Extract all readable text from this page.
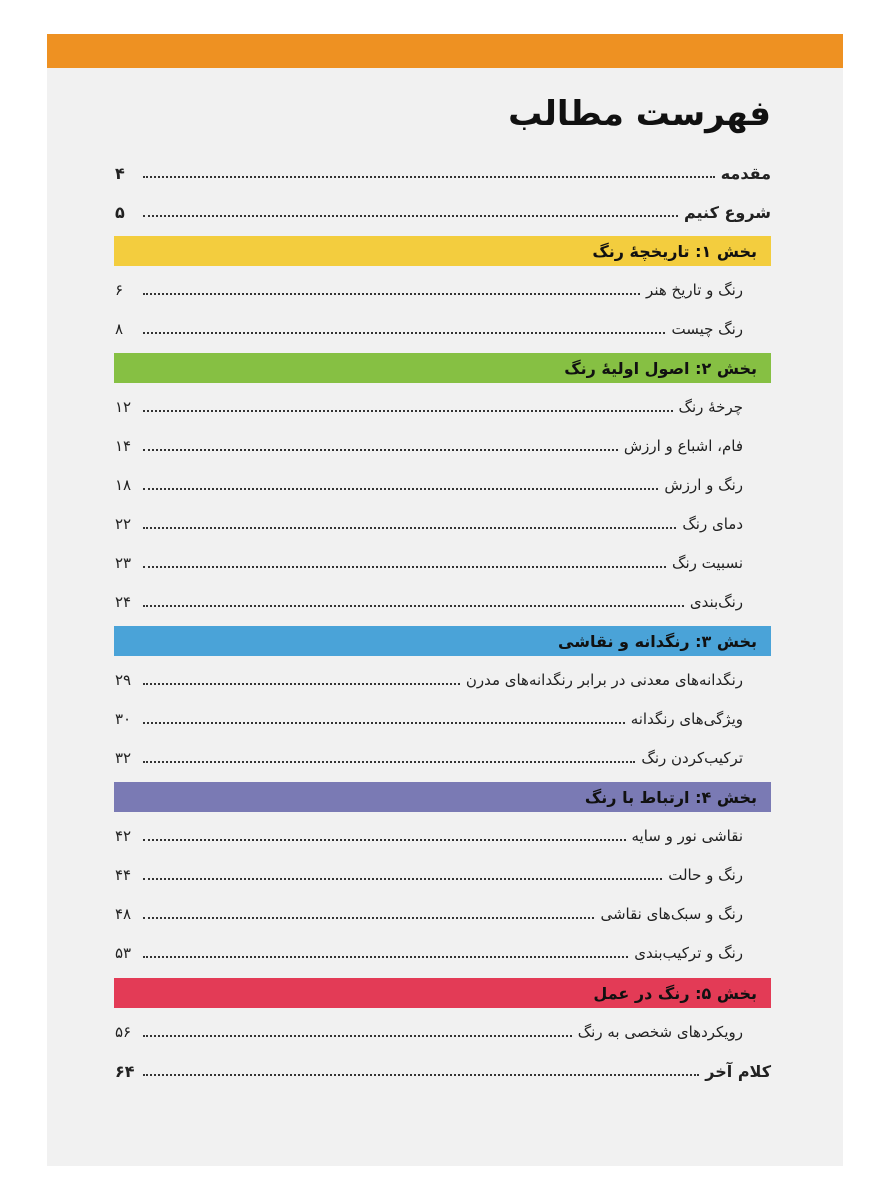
فهرست مطالب
مقدمه
۴
شروع کنیم
۵
بخش ۱: تاریخچهٔ رنگ
رنگ و تاریخ هنر
۶
رنگ چیست
۸
بخش ۲: اصول اولیهٔ رنگ
چرخهٔ رنگ
۱۲
فام، اشباع و ارزش
۱۴
رنگ و ارزش
۱۸
دمای رنگ
۲۲
نسبیت رنگ
۲۳
رنگ‌بندی
۲۴
بخش ۳: رنگدانه و نقاشی
رنگدانه‌های معدنی در برابر رنگدانه‌های مدرن
۲۹
ویژگی‌های رنگدانه
۳۰
ترکیب‌کردن رنگ
۳۲
بخش ۴: ارتباط با رنگ
نقاشی نور و سایه
۴۲
رنگ و حالت
۴۴
رنگ و سبک‌های نقاشی
۴۸
رنگ و ترکیب‌بندی
۵۳
بخش ۵: رنگ در عمل
رویکردهای شخصی به رنگ
۵۶
کلام آخر
۶۴
